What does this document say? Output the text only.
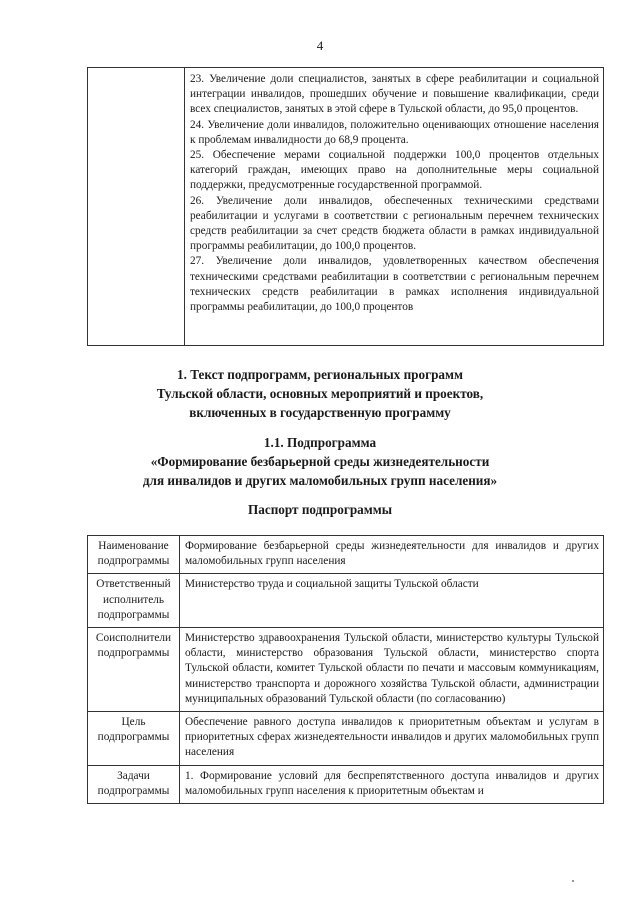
4

23. Увеличение доли специалистов, занятых в сфере реабилитации и социальной интеграции инвалидов, прошедших обучение и повышение квалификации, среди всех специалистов, занятых в этой сфере в Тульской области, до 95,0 процентов.

24. Увеличение доли инвалидов, положительно оценивающих отношение населения к проблемам инвалидности до 68,9 процента.

25. Обеспечение мерами социальной поддержки 100,0 процентов отдельных категорий граждан, имеющих право на дополнительные меры социальной поддержки, предусмотренные государственной программой.

26. Увеличение доли инвалидов, обеспеченных техническими средствами реабилитации и услугами в соответствии с региональным перечнем технических средств реабилитации за счет средств бюджета области в рамках индивидуальной программы реабилитации, до 100,0 процентов.

27. Увеличение доли инвалидов, удовлетворенных качеством обеспечения техническими средствами реабилитации в соответствии с региональным перечнем технических средств реабилитации в рамках исполнения индивидуальной программы реабилитации, до 100,0 процентов

1. Текст подпрограмм, региональных программ
Тульской области, основных мероприятий и проектов,
включенных в государственную программу
1.1. Подпрограмма
«Формирование безбарьерной среды жизнедеятельности
для инвалидов и других маломобильных групп населения»
Паспорт подпрограммы
Наименование подпрограммы	Формирование безбарьерной среды жизнедеятельности для инвалидов и других маломобильных групп населения
Ответственный исполнитель подпрограммы	Министерство труда и социальной защиты Тульской области
Соисполнители подпрограммы	Министерство здравоохранения Тульской области, министерство культуры Тульской области, министерство образования Тульской области, министерство спорта Тульской области, комитет Тульской области по печати и массовым коммуникациям, министерство транспорта и дорожного хозяйства Тульской области, администрации муниципальных образований Тульской области (по согласованию)
Цель подпрограммы	Обеспечение равного доступа инвалидов к приоритетным объектам и услугам в приоритетных сферах жизнедеятельности инвалидов и других маломобильных групп населения
Задачи подпрограммы	1. Формирование условий для беспрепятственного доступа инвалидов и других маломобильных групп населения к приоритетным объектам и
